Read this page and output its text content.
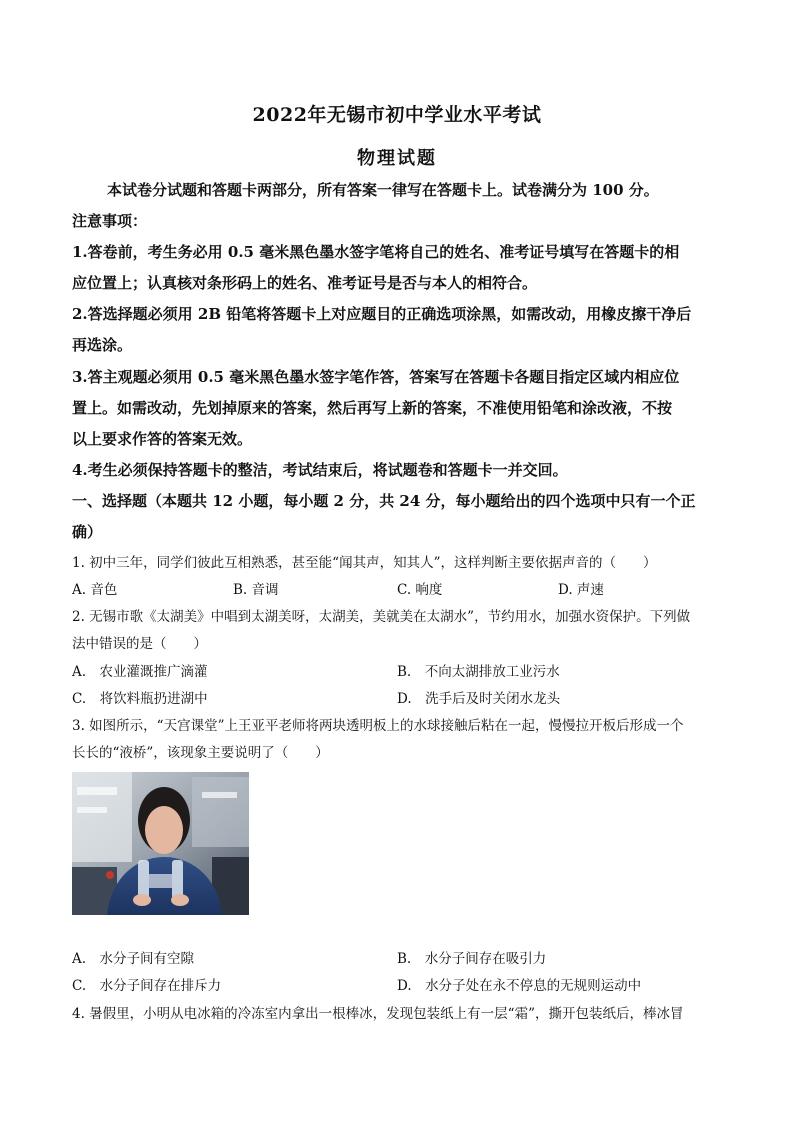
2022年无锡市初中学业水平考试
物理试题
本试卷分试题和答题卡两部分，所有答案一律写在答题卡上。试卷满分为 100 分。
注意事项：
1.答卷前，考生务必用 0.5 毫米黑色墨水签字笔将自己的姓名、准考证号填写在答题卡的相
应位置上；认真核对条形码上的姓名、准考证号是否与本人的相符合。
2.答选择题必须用 2B 铅笔将答题卡上对应题目的正确选项涂黑，如需改动，用橡皮擦干净后
再选涂。
3.答主观题必须用 0.5 毫米黑色墨水签字笔作答，答案写在答题卡各题目指定区域内相应位
置上。如需改动，先划掉原来的答案，然后再写上新的答案，不准使用铅笔和涂改液，不按
以上要求作答的答案无效。
4.考生必须保持答题卡的整洁，考试结束后，将试题卷和答题卡一并交回。
一、选择题（本题共 12 小题，每小题 2 分，共 24 分，每小题给出的四个选项中只有一个正
确）
1. 初中三年，同学们彼此互相熟悉，甚至能“闻其声，知其人”，这样判断主要依据声音的（　　）
A. 音色	B. 音调	C. 响度	D. 声速
2. 无锡市歌《太湖美》中唱到太湖美呀，太湖美，美就美在太湖水”，节约用水，加强水资保护。下列做
法中错误的是（　　）
A.　农业灌溉推广滴灌	B.　不向太湖排放工业污水
C.　将饮料瓶扔进湖中	D.　洗手后及时关闭水龙头
3. 如图所示，“天宫课堂”上王亚平老师将两块透明板上的水球接触后粘在一起，慢慢拉开板后形成一个
长长的“液桥”，该现象主要说明了（　　）
A.　水分子间有空隙	B.　水分子间存在吸引力
C.　水分子间存在排斥力	D.　水分子处在永不停息的无规则运动中
4. 暑假里，小明从电冰箱的冷冻室内拿出一根棒冰，发现包装纸上有一层“霜”，撕开包装纸后，棒冰冒
